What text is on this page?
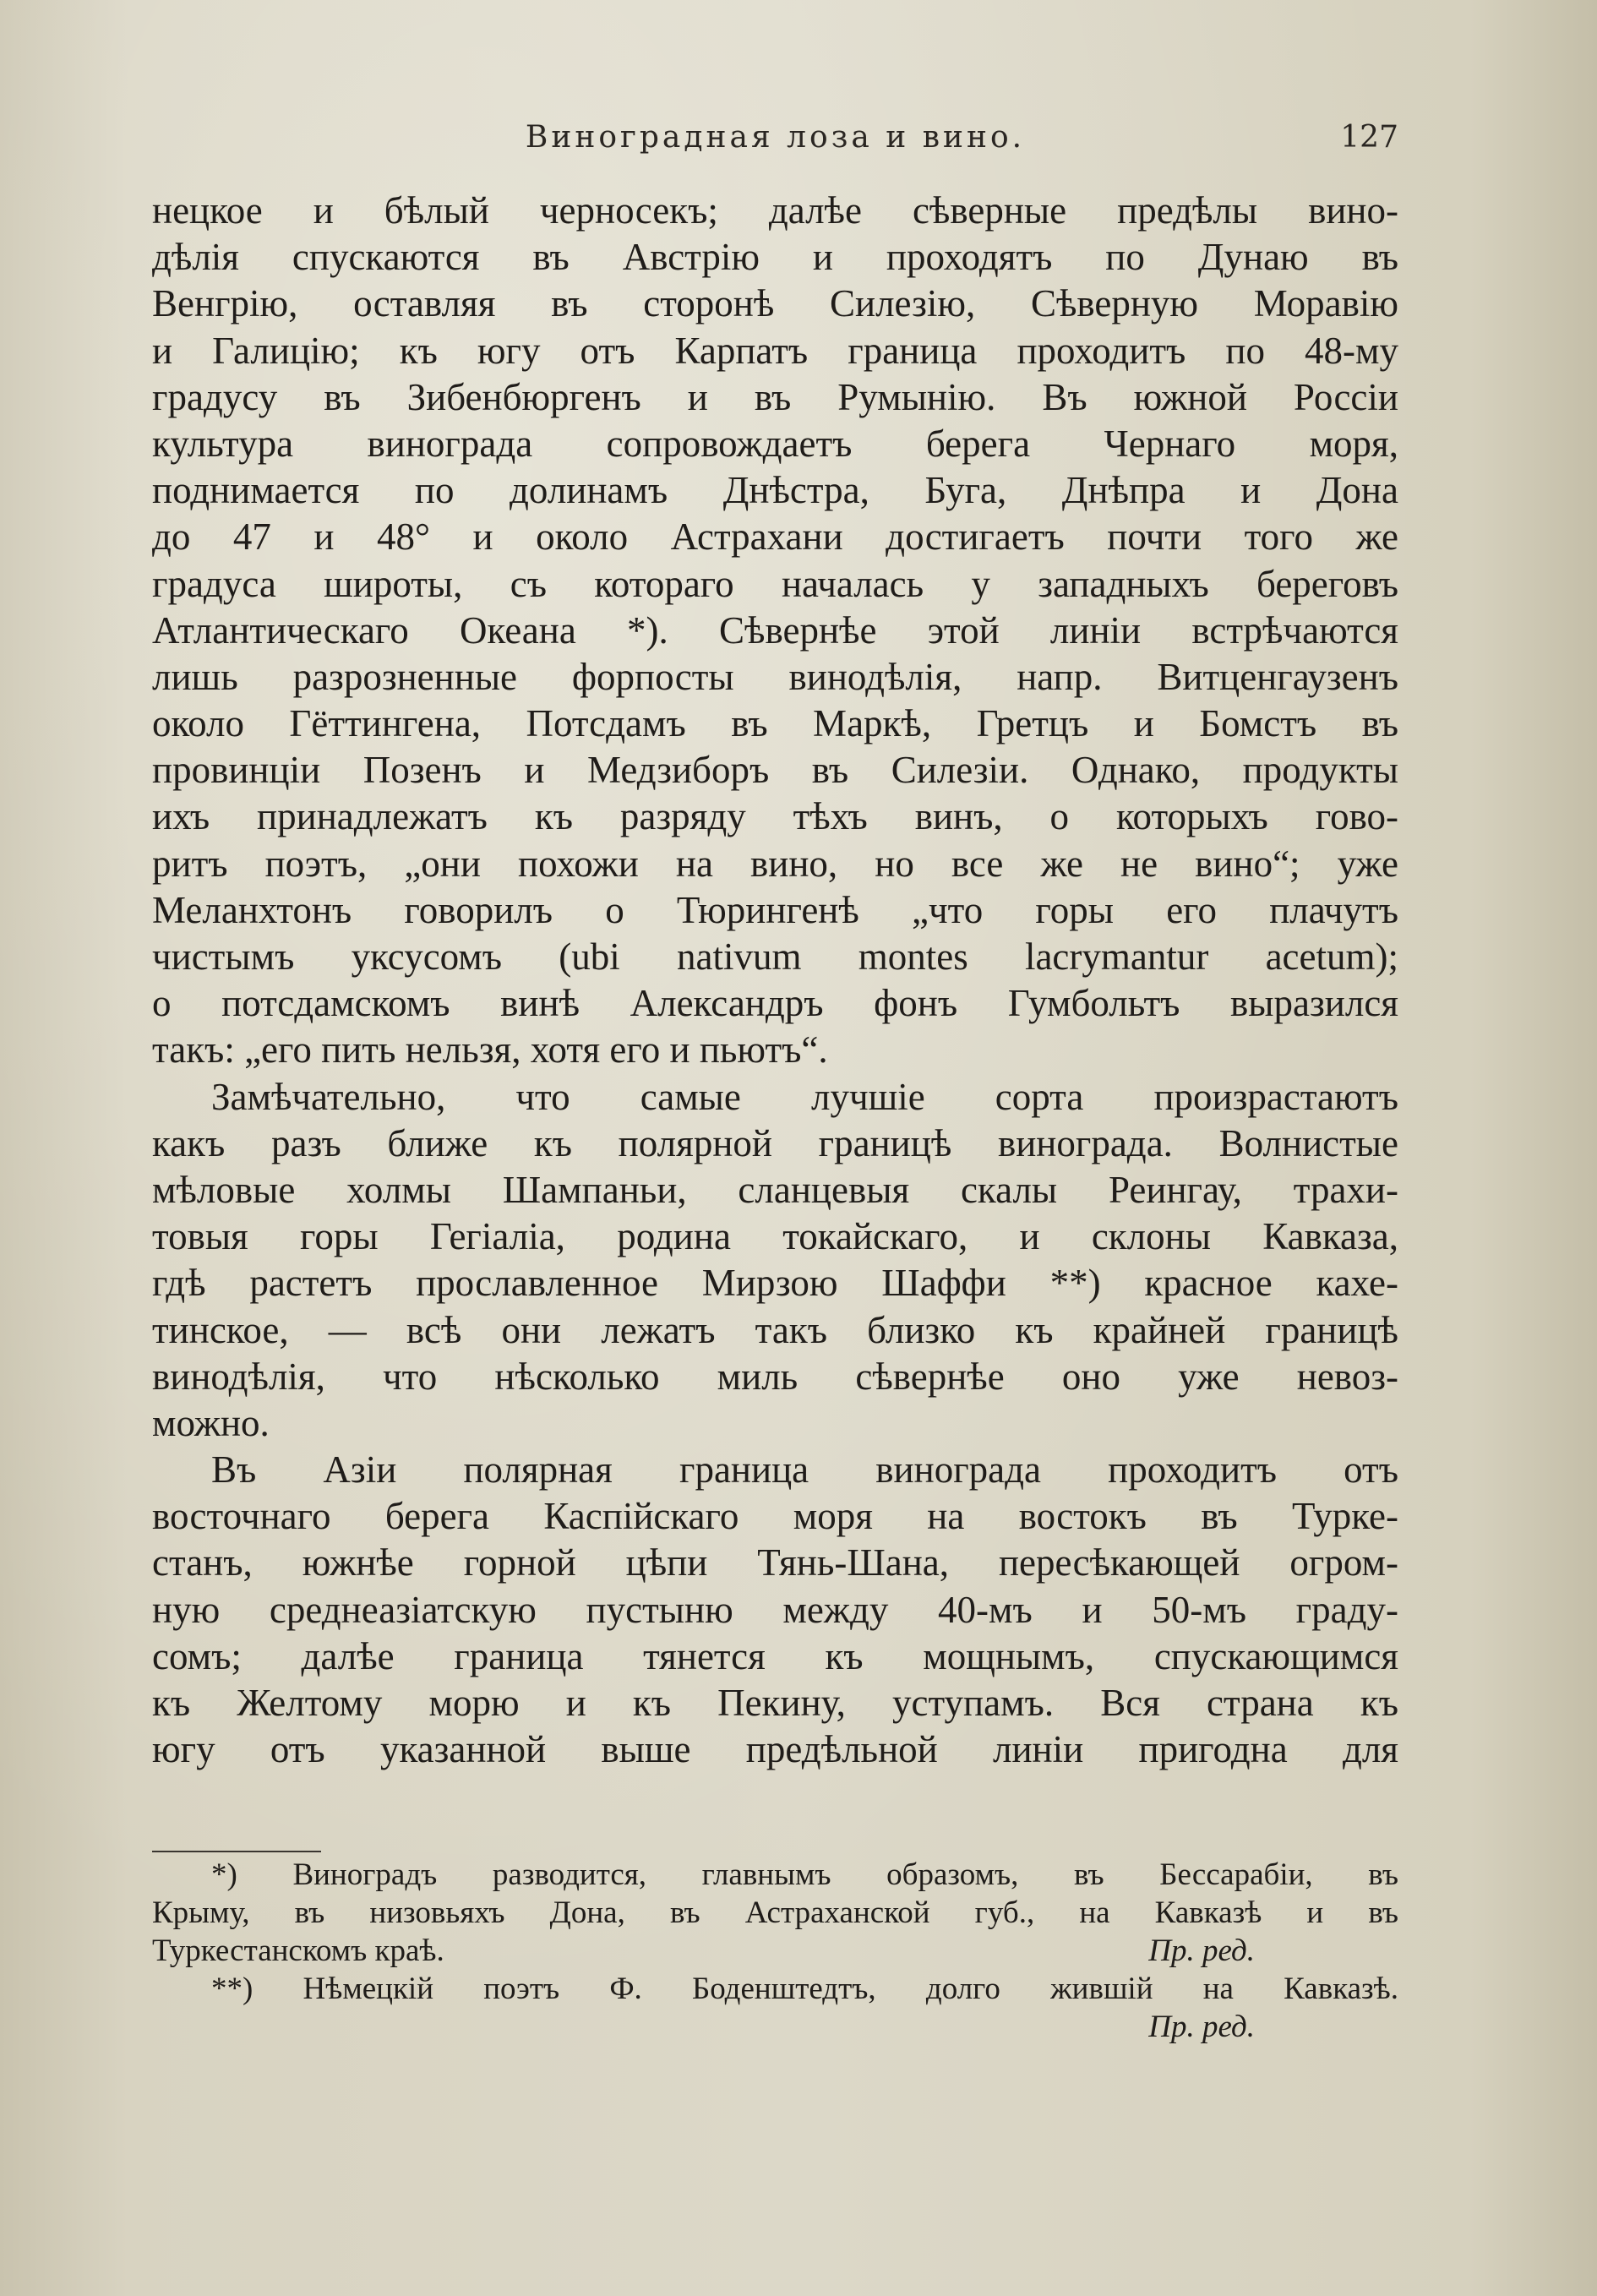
Виноградная лоза и вино.	127
нецкое и бѣлый черносекъ; далѣе сѣверные предѣлы вино-
дѣлія спускаются въ Австрію и проходятъ по Дунаю въ
Венгрію, оставляя въ сторонѣ Силезію, Сѣверную Моравію
и Галицію; къ югу отъ Карпатъ граница проходитъ по 48-му
градусу въ Зибенбюргенъ и въ Румынію. Въ южной Россіи
культура винограда сопровождаетъ берега Чернаго моря,
поднимается по долинамъ Днѣстра, Буга, Днѣпра и Дона
до 47 и 48° и около Астрахани достигаетъ почти того же
градуса широты, съ котораго началась у западныхъ береговъ
Атлантическаго Океана *). Сѣвернѣе этой линіи встрѣчаются
лишь разрозненные форпосты винодѣлія, напр. Витценгаузенъ
около Гёттингена, Потсдамъ въ Маркѣ, Гретцъ и Бомстъ въ
провинціи Позенъ и Медзиборъ въ Силезіи. Однако, продукты
ихъ принадлежатъ къ разряду тѣхъ винъ, о которыхъ гово-
ритъ поэтъ, „они похожи на вино, но все же не вино“; уже
Меланхтонъ говорилъ о Тюрингенѣ „что горы его плачутъ
чистымъ уксусомъ (ubi nativum montes lacrymantur acetum);
о потсдамскомъ винѣ Александръ фонъ Гумбольтъ выразился
такъ: „его пить нельзя, хотя его и пьютъ“.
Замѣчательно, что самые лучшіе сорта произрастаютъ
какъ разъ ближе къ полярной границѣ винограда. Волнистые
мѣловые холмы Шампаньи, сланцевыя скалы Реингау, трахи-
товыя горы Гегіаліа, родина токайскаго, и склоны Кавказа,
гдѣ растетъ прославленное Мирзою Шаффи **) красное кахе-
тинское, — всѣ они лежатъ такъ близко къ крайней границѣ
винодѣлія, что нѣсколько миль сѣвернѣе оно уже невоз-
можно.
Въ Азіи полярная граница винограда проходитъ отъ
восточнаго берега Каспійскаго моря на востокъ въ Турке-
станъ, южнѣе горной цѣпи Тянь-Шана, пересѣкающей огром-
ную среднеазіатскую пустыню между 40-мъ и 50-мъ граду-
сомъ; далѣе граница тянется къ мощнымъ, спускающимся
къ Желтому морю и къ Пекину, уступамъ. Вся страна къ
югу отъ указанной выше предѣльной линіи пригодна для
*) Виноградъ разводится, главнымъ образомъ, въ Бессарабіи, въ
Крыму, въ низовьяхъ Дона, въ Астраханской губ., на Кавказѣ и въ
Туркестанскомъ краѣ.	Пр. ред.
**) Нѣмецкій поэтъ Ф. Боденштедтъ, долго жившій на Кавказѣ.
Пр. ред.
